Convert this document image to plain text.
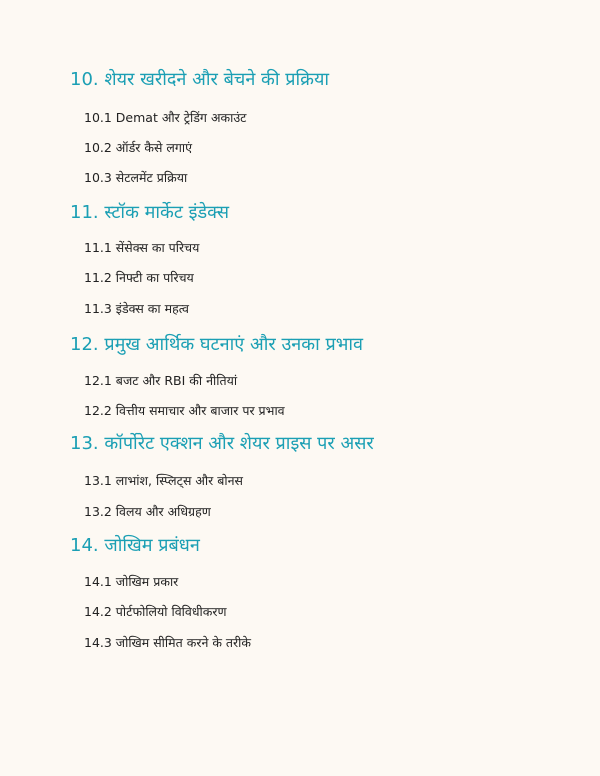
10. शेयर खरीदने और बेचने की प्रक्रिया
10.1 Demat और ट्रेडिंग अकाउंट
10.2 ऑर्डर कैसे लगाएं
10.3 सेटलमेंट प्रक्रिया
11. स्टॉक मार्केट इंडेक्स
11.1 सेंसेक्स का परिचय
11.2 निफ्टी का परिचय
11.3 इंडेक्स का महत्व
12. प्रमुख आर्थिक घटनाएं और उनका प्रभाव
12.1 बजट और RBI की नीतियां
12.2 वित्तीय समाचार और बाजार पर प्रभाव
13. कॉर्पोरेट एक्शन और शेयर प्राइस पर असर
13.1 लाभांश, स्प्लिट्स और बोनस
13.2 विलय और अधिग्रहण
14. जोखिम प्रबंधन
14.1 जोखिम प्रकार
14.2 पोर्टफोलियो विविधीकरण
14.3 जोखिम सीमित करने के तरीके
